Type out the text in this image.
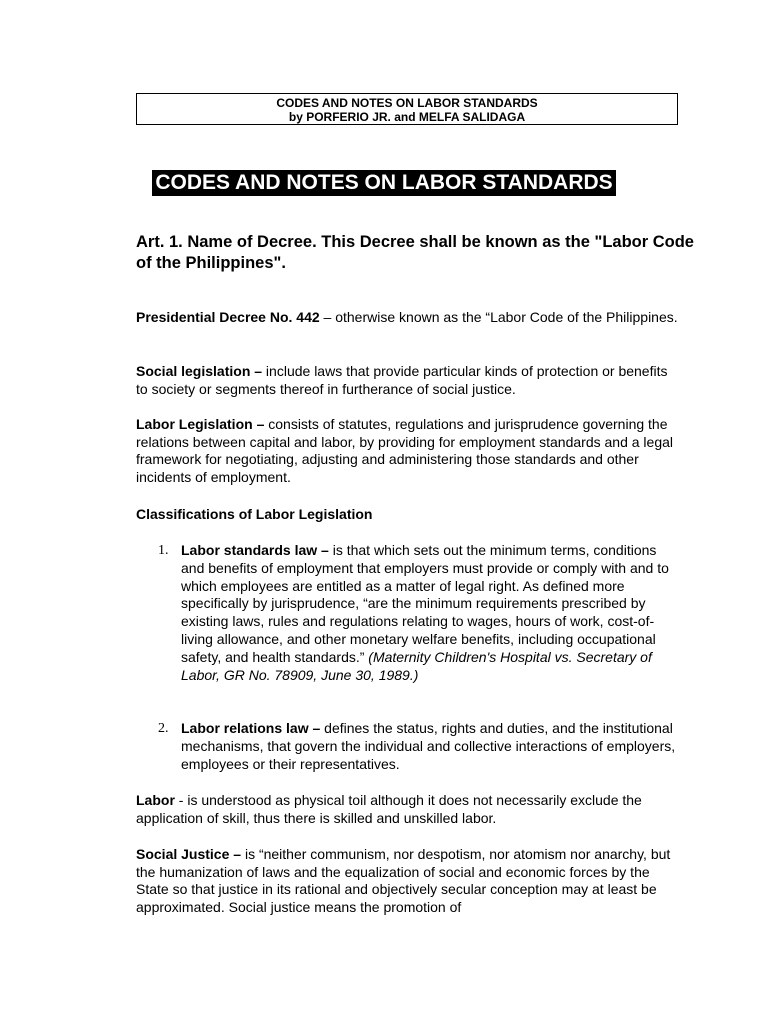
CODES AND NOTES ON LABOR STANDARDS
by PORFERIO JR. and MELFA SALIDAGA
CODES AND NOTES ON LABOR STANDARDS
Art. 1. Name of Decree. This Decree shall be known as the "Labor Code of the Philippines".
Presidential Decree No. 442 – otherwise known as the “Labor Code of the Philippines.
Social legislation – include laws that provide particular kinds of protection or benefits to society or segments thereof in furtherance of social justice.
Labor Legislation – consists of statutes, regulations and jurisprudence governing the relations between capital and labor, by providing for employment standards and a legal framework for negotiating, adjusting and administering those standards and other incidents of employment.
Classifications of Labor Legislation
1. Labor standards law – is that which sets out the minimum terms, conditions and benefits of employment that employers must provide or comply with and to which employees are entitled as a matter of legal right. As defined more specifically by jurisprudence, “are the minimum requirements prescribed by existing laws, rules and regulations relating to wages, hours of work, cost-of-living allowance, and other monetary welfare benefits, including occupational safety, and health standards.” (Maternity Children's Hospital vs. Secretary of Labor, GR No. 78909, June 30, 1989.)
2. Labor relations law – defines the status, rights and duties, and the institutional mechanisms, that govern the individual and collective interactions of employers, employees or their representatives.
Labor - is understood as physical toil although it does not necessarily exclude the application of skill, thus there is skilled and unskilled labor.
Social Justice – is “neither communism, nor despotism, nor atomism nor anarchy, but the humanization of laws and the equalization of social and economic forces by the State so that justice in its rational and objectively secular conception may at least be approximated. Social justice means the promotion of
